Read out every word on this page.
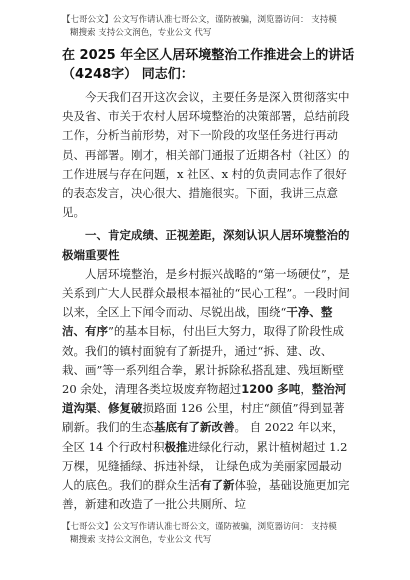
【七哥公文】公文写作请认准七哥公文，谨防被骗，浏览器访问： 支持模
糊搜索 支持公文润色，专业公文 代写
在 2025 年全区人居环境整治工作推进会上的讲话（4248字） 同志们：

今天我们召开这次会议，主要任务是深入贯彻落实中央及省、市关于农村人居环境整治的决策部署，总结前段工作，分析当前形势，对下一阶段的攻坚任务进行再动员、再部署。刚才，相关部门通报了近期各村（社区）的工作进展与存在问题，x 社区、x 村的负责同志作了很好的表态发言，决心很大、措施很实。下面，我讲三点意见。

一、肯定成绩、正视差距，深刻认识人居环境整治的极端重要性

人居环境整治，是乡村振兴战略的“第一场硬仗”，是关系到广大人民群众最根本福祉的“民心工程”。一段时间以来，全区上下闻令而动、尽锐出战，围绕“干净、整洁、有序”的基本目标，付出巨大努力，取得了阶段性成效。我们的镇村面貌有了新提升，通过“拆、建、改、栽、画”等一系列组合拳，累计拆除私搭乱建、残垣断壁 20 余处，清理各类垃圾废弃物超过1200 多吨，整治河道沟渠、修复破损路面 126 公里，村庄“颜值”得到显著刷新。我们的生态基底有了新改善。 自 2022 年以来，全区 14 个行政村积极推进绿化行动，累计植树超过 1.2 万棵，见缝插绿、拆违补绿， 让绿色成为美丽家园最动人的底色。我们的群众生活有了新体验，基础设施更加完善，新建和改造了一批公共厕所、垃

【七哥公文】公文写作请认准七哥公文，谨防被骗，浏览器访问： 支持模
糊搜索 支持公文润色，专业公文 代写
